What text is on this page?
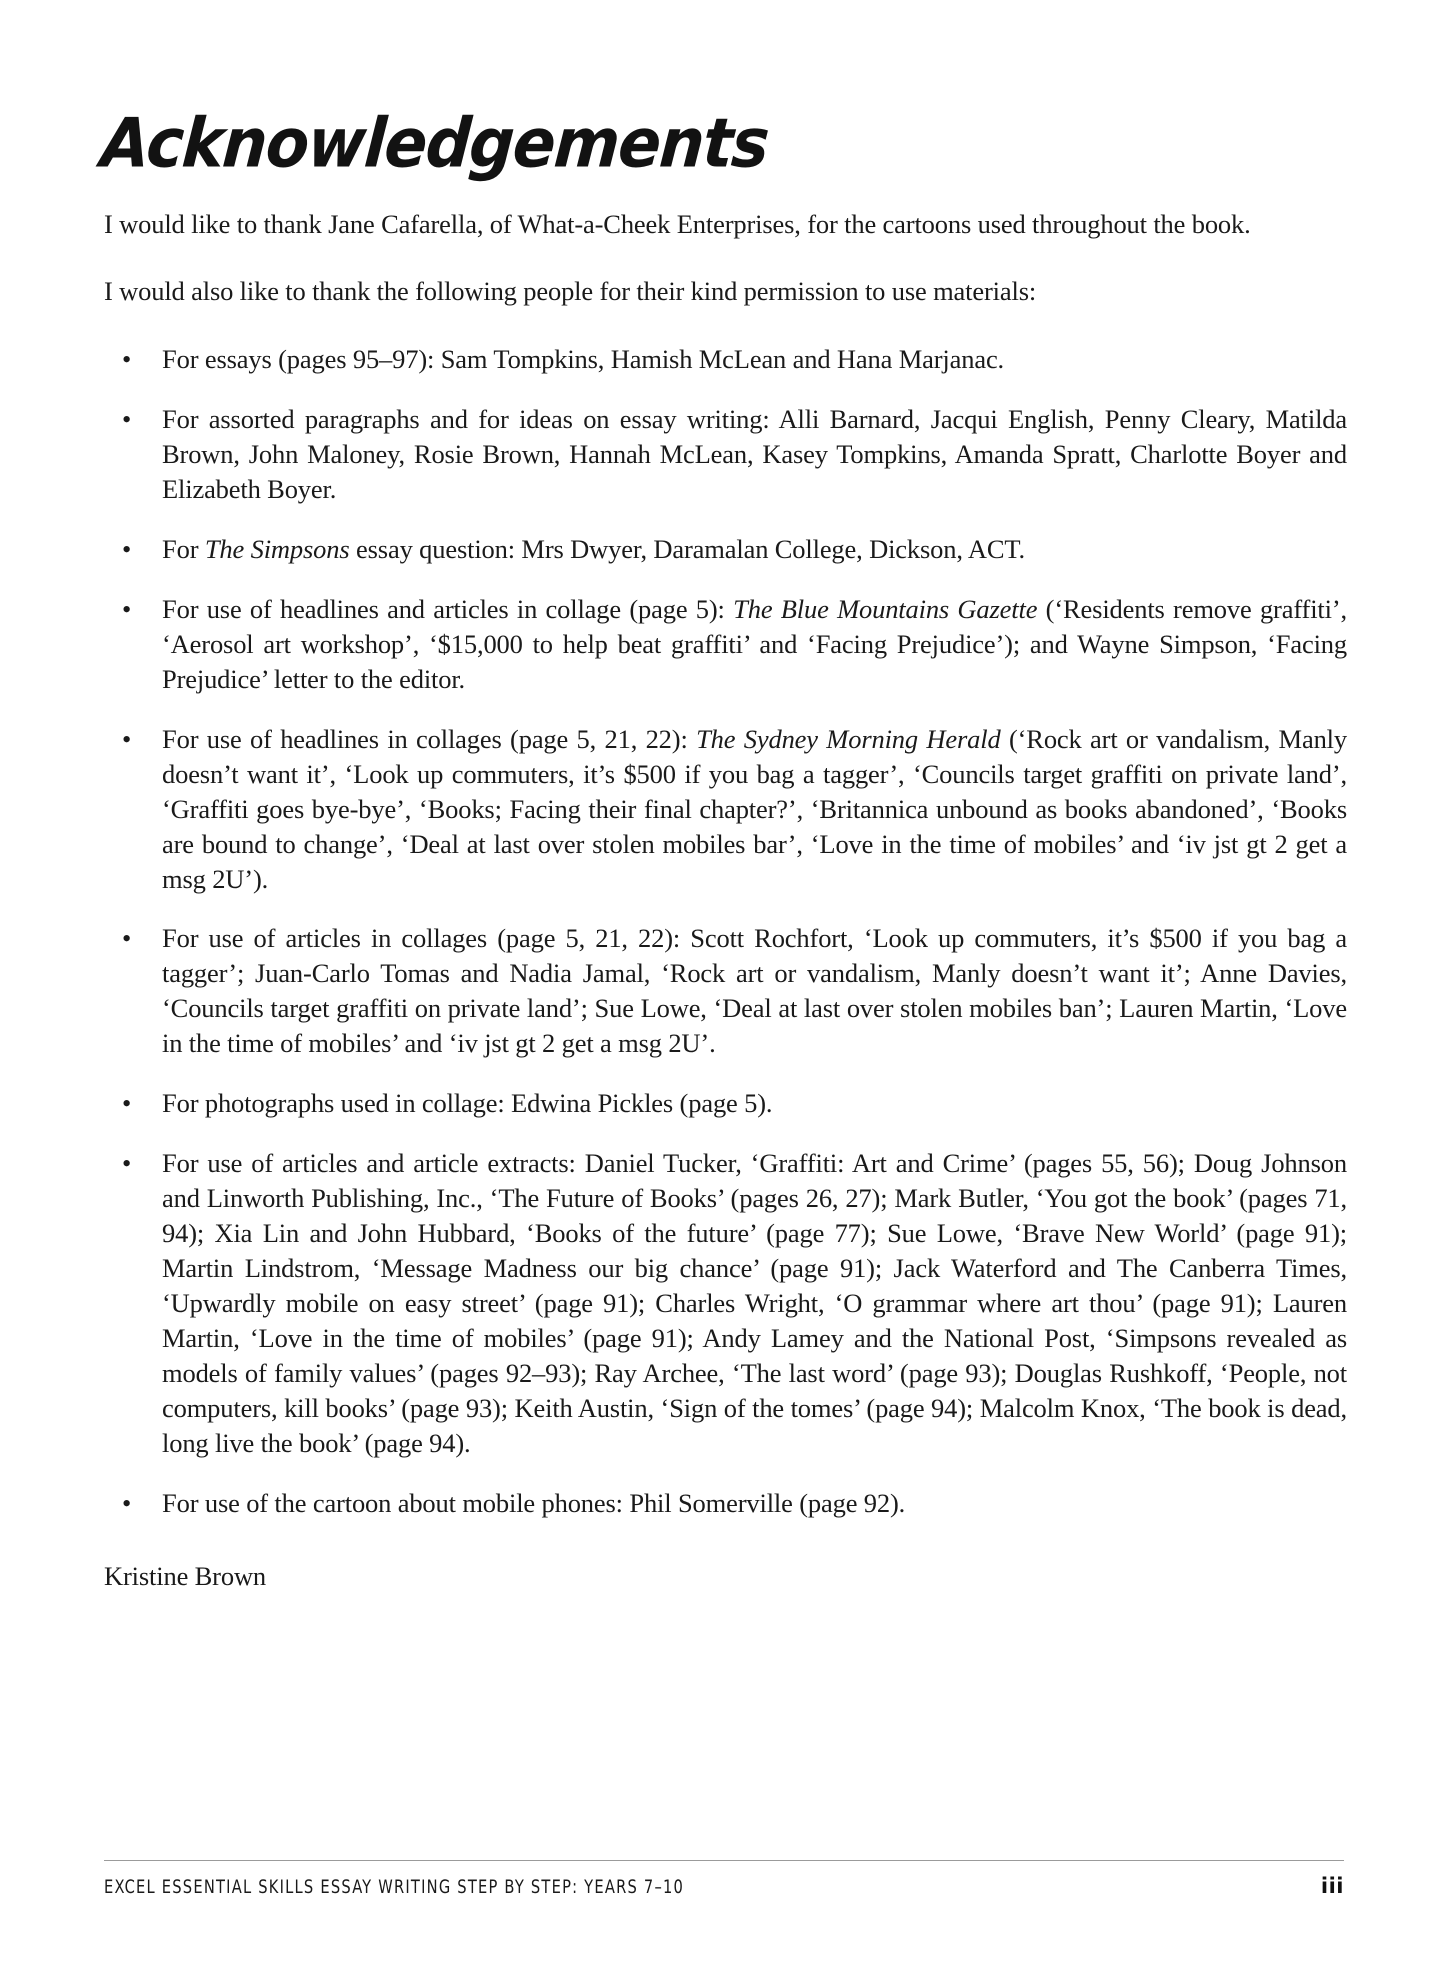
Acknowledgements

I would like to thank Jane Cafarella, of What-a-Cheek Enterprises, for the cartoons used throughout the book.

I would also like to thank the following people for their kind permission to use materials:

• For essays (pages 95–97): Sam Tompkins, Hamish McLean and Hana Marjanac.
• For assorted paragraphs and for ideas on essay writing: Alli Barnard, Jacqui English, Penny Cleary, Matilda Brown, John Maloney, Rosie Brown, Hannah McLean, Kasey Tompkins, Amanda Spratt, Charlotte Boyer and Elizabeth Boyer.
• For The Simpsons essay question: Mrs Dwyer, Daramalan College, Dickson, ACT.
• For use of headlines and articles in collage (page 5): The Blue Mountains Gazette (‘Residents remove graffiti’, ‘Aerosol art workshop’, ‘$15,000 to help beat graffiti’ and ‘Facing Prejudice’); and Wayne Simpson, ‘Facing Prejudice’ letter to the editor.
• For use of headlines in collages (page 5, 21, 22): The Sydney Morning Herald (‘Rock art or vandalism, Manly doesn’t want it’, ‘Look up commuters, it’s $500 if you bag a tagger’, ‘Councils target graffiti on private land’, ‘Graffiti goes bye-bye’, ‘Books; Facing their final chapter?’, ‘Britannica unbound as books abandoned’, ‘Books are bound to change’, ‘Deal at last over stolen mobiles bar’, ‘Love in the time of mobiles’ and ‘iv jst gt 2 get a msg 2U’).
• For use of articles in collages (page 5, 21, 22): Scott Rochfort, ‘Look up commuters, it’s $500 if you bag a tagger’; Juan-Carlo Tomas and Nadia Jamal, ‘Rock art or vandalism, Manly doesn’t want it’; Anne Davies, ‘Councils target graffiti on private land’; Sue Lowe, ‘Deal at last over stolen mobiles ban’; Lauren Martin, ‘Love in the time of mobiles’ and ‘iv jst gt 2 get a msg 2U’.
• For photographs used in collage: Edwina Pickles (page 5).
• For use of articles and article extracts: Daniel Tucker, ‘Graffiti: Art and Crime’ (pages 55, 56); Doug Johnson and Linworth Publishing, Inc., ‘The Future of Books’ (pages 26, 27); Mark Butler, ‘You got the book’ (pages 71, 94); Xia Lin and John Hubbard, ‘Books of the future’ (page 77); Sue Lowe, ‘Brave New World’ (page 91); Martin Lindstrom, ‘Message Madness our big chance’ (page 91); Jack Waterford and The Canberra Times, ‘Upwardly mobile on easy street’ (page 91); Charles Wright, ‘O grammar where art thou’ (page 91); Lauren Martin, ‘Love in the time of mobiles’ (page 91); Andy Lamey and the National Post, ‘Simpsons revealed as models of family values’ (pages 92–93); Ray Archee, ‘The last word’ (page 93); Douglas Rushkoff, ‘People, not computers, kill books’ (page 93); Keith Austin, ‘Sign of the tomes’ (page 94); Malcolm Knox, ‘The book is dead, long live the book’ (page 94).
• For use of the cartoon about mobile phones: Phil Somerville (page 92).
Kristine Brown
EXCEL ESSENTIAL SKILLS ESSAY WRITING STEP BY STEP: YEARS 7–10	iii
